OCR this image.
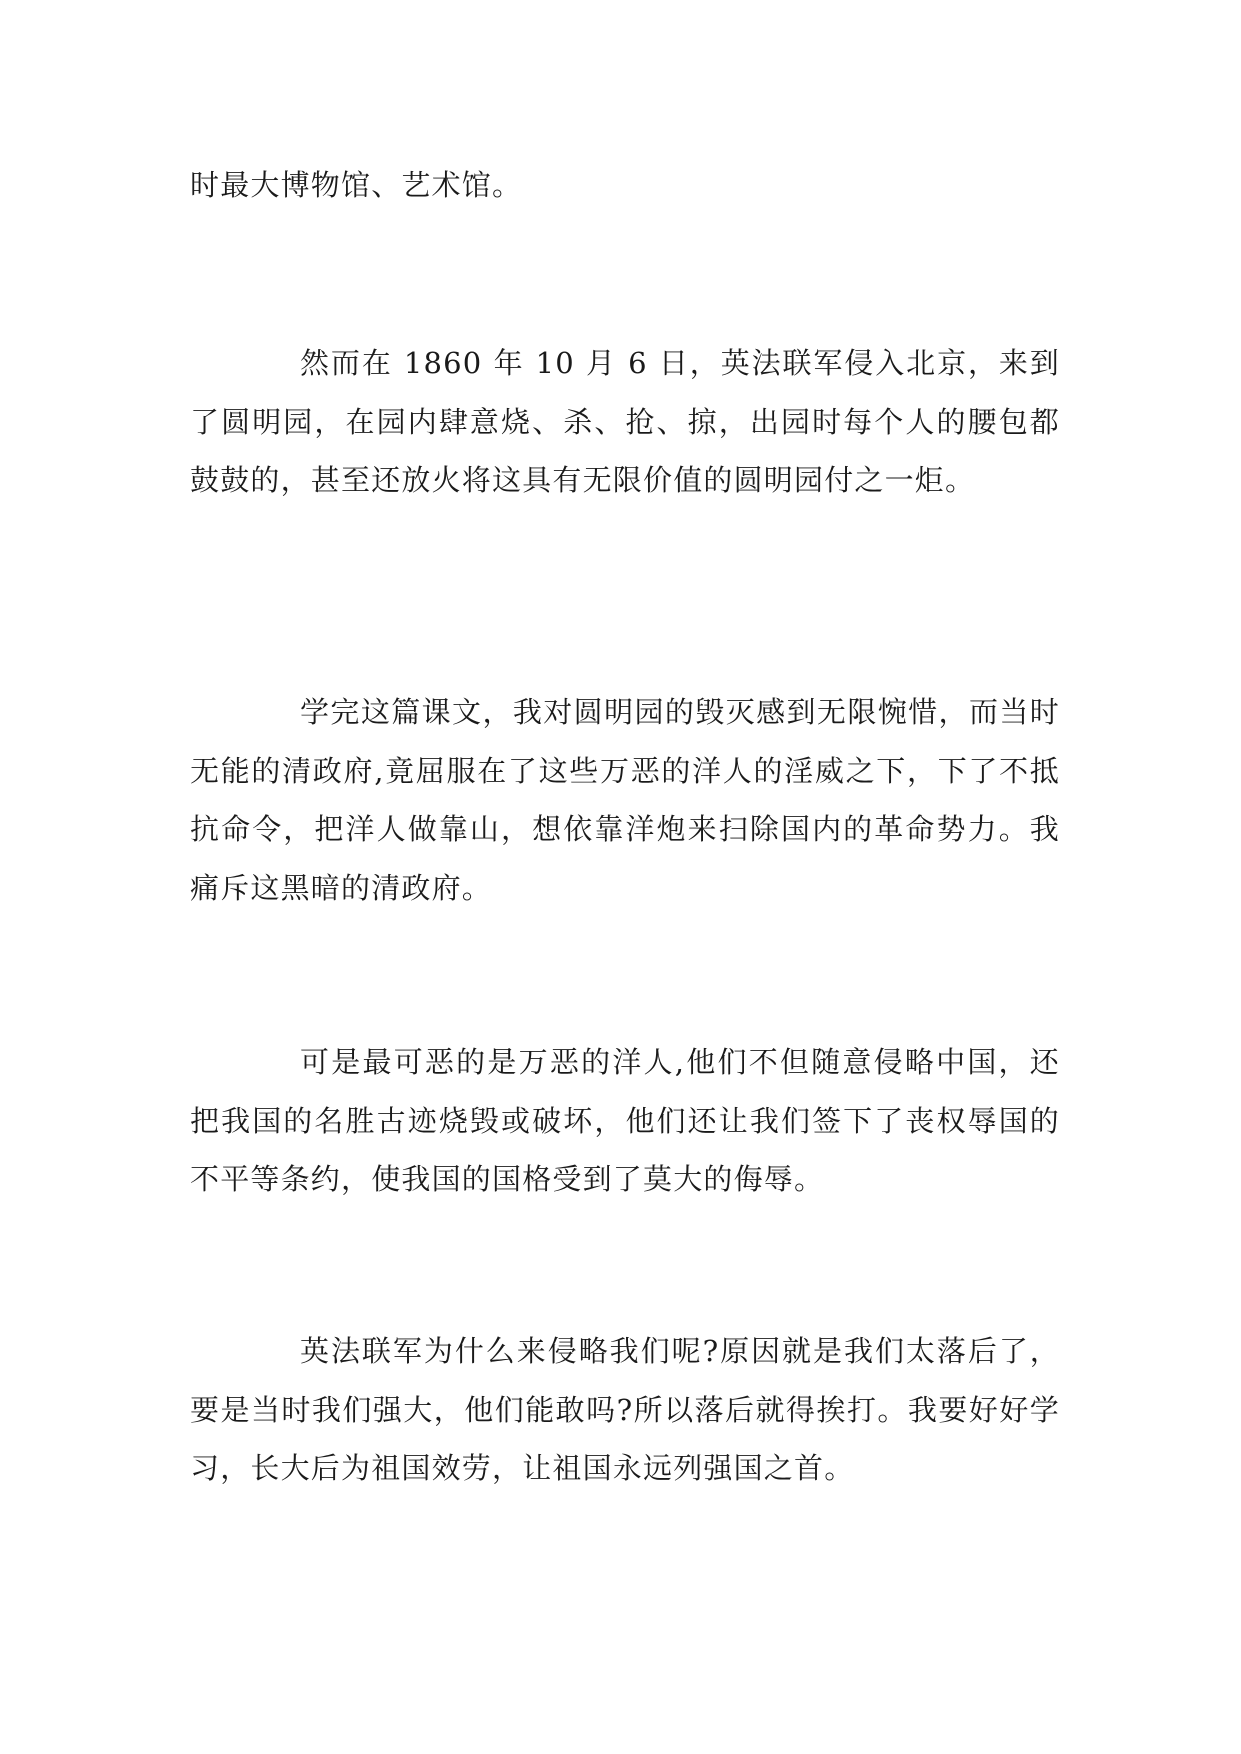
时最大博物馆、艺术馆。

然而在 1860 年 10 月 6 日，英法联军侵入北京，来到了圆明园，在园内肆意烧、杀、抢、掠，出园时每个人的腰包都鼓鼓的，甚至还放火将这具有无限价值的圆明园付之一炬。

学完这篇课文，我对圆明园的毁灭感到无限惋惜，而当时无能的清政府,竟屈服在了这些万恶的洋人的淫威之下，下了不抵抗命令，把洋人做靠山，想依靠洋炮来扫除国内的革命势力。我痛斥这黑暗的清政府。

可是最可恶的是万恶的洋人,他们不但随意侵略中国，还把我国的名胜古迹烧毁或破坏，他们还让我们签下了丧权辱国的不平等条约，使我国的国格受到了莫大的侮辱。

英法联军为什么来侵略我们呢?原因就是我们太落后了，要是当时我们强大，他们能敢吗?所以落后就得挨打。我要好好学习，长大后为祖国效劳，让祖国永远列强国之首。
